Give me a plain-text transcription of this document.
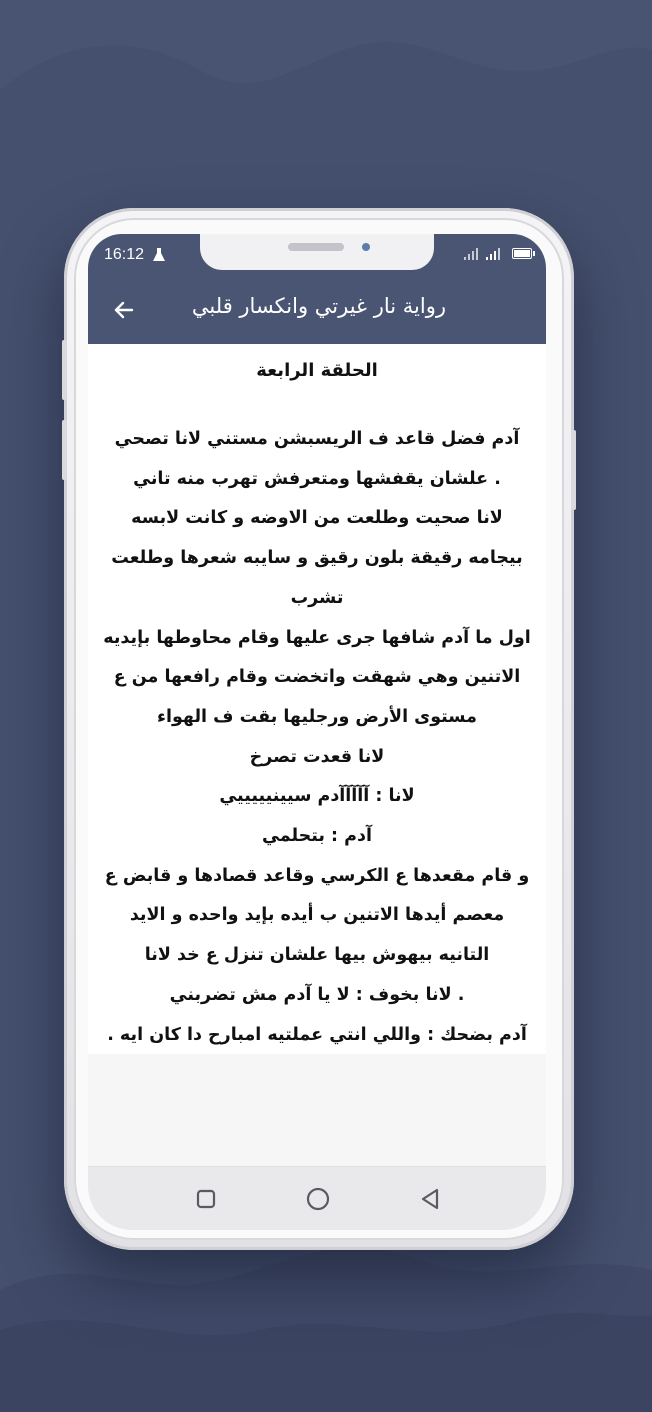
16:12
رواية نار غيرتي وانكسار قلبي
الحلقة الرابعة
آدم فضل قاعد ف الريسبشن مستني لانا تصحي
. علشان يقفشها ومتعرفش تهرب منه تاني
لانا صحيت وطلعت من الاوضه و كانت لابسه
بيجامه رقيقة بلون رقيق و سايبه شعرها وطلعت
تشرب
اول ما آدم شافها جرى عليها وقام محاوطها بإيديه
الاتنين وهي شهقت واتخضت وقام رافعها من ع
مستوى الأرض ورجليها بقت ف الهواء
لانا قعدت تصرخ
لانا : آآآآآدم سيينيييييي
آدم : بتحلمي
و قام مقعدها ع الكرسي وقاعد قصادها و قابض ع
معصم أيدها الاتنين ب أيده بإيد واحده و الايد
التانيه بيهوش بيها علشان تنزل ع خد لانا
. لانا بخوف : لا يا آدم مش تضربني
آدم بضحك : واللي انتي عملتيه امبارح دا كان ايه .
